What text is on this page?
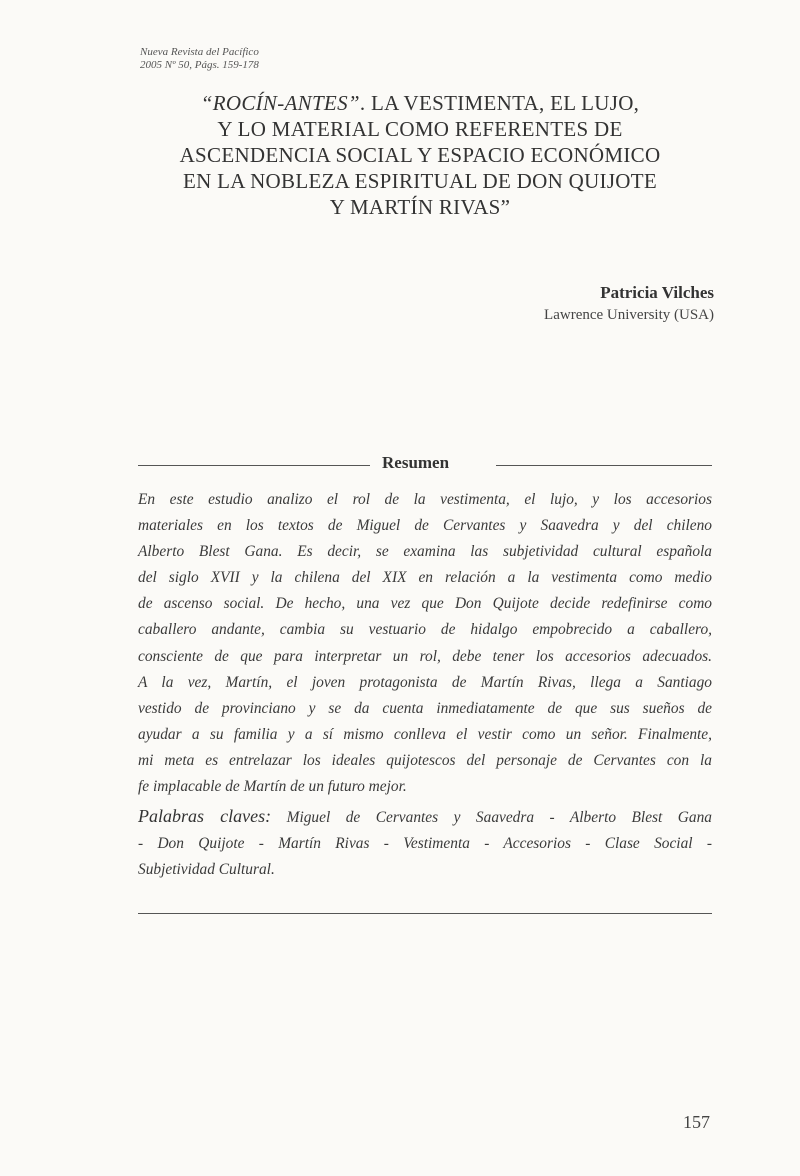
Nueva Revista del Pacífico
2005 Nº 50, Págs. 159-178
“ROCÍN-ANTES”. LA VESTIMENTA, EL LUJO,
Y LO MATERIAL COMO REFERENTES DE
ASCENDENCIA SOCIAL Y ESPACIO ECONÓMICO
EN LA NOBLEZA ESPIRITUAL DE DON QUIJOTE
Y MARTÍN RIVAS”
Patricia Vilches
Lawrence University (USA)
Resumen
En este estudio analizo el rol de la vestimenta, el lujo, y los accesorios
materiales en los textos de Miguel de Cervantes y Saavedra y del chileno
Alberto Blest Gana. Es decir, se examina las subjetividad cultural española
del siglo XVII y la chilena del XIX en relación a la vestimenta como medio
de ascenso social. De hecho, una vez que Don Quijote decide redefinirse como
caballero andante, cambia su vestuario de hidalgo empobrecido a caballero,
consciente de que para interpretar un rol, debe tener los accesorios adecuados.
A la vez, Martín, el joven protagonista de Martín Rivas, llega a Santiago
vestido de provinciano y se da cuenta inmediatamente de que sus sueños de
ayudar a su familia y a sí mismo conlleva el vestir como un señor. Finalmente,
mi meta es entrelazar los ideales quijotescos del personaje de Cervantes con la
fe implacable de Martín de un futuro mejor.
Palabras claves: Miguel de Cervantes y Saavedra - Alberto Blest Gana
- Don Quijote - Martín Rivas - Vestimenta - Accesorios - Clase Social -
Subjetividad Cultural.
157
